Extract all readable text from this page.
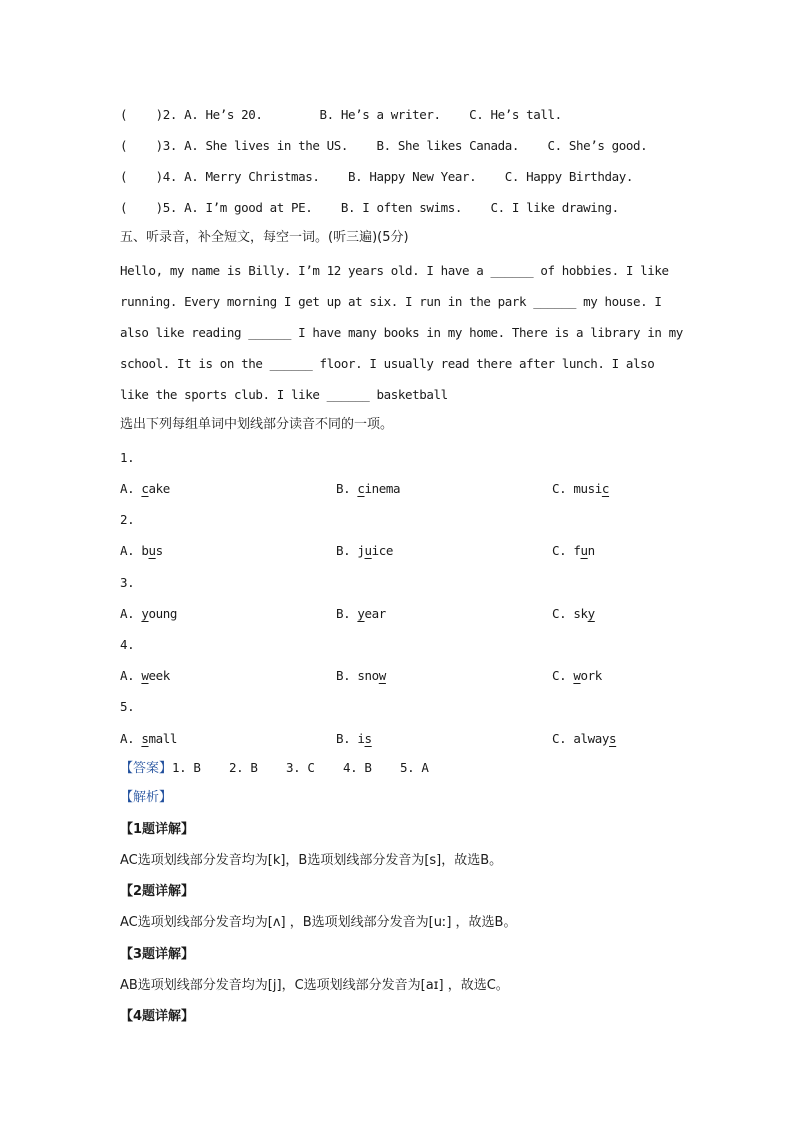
(    )2. A. He’s 20.        B. He’s a writer.    C. He’s tall.
(    )3. A. She lives in the US.    B. She likes Canada.    C. She’s good.
(    )4. A. Merry Christmas.    B. Happy New Year.    C. Happy Birthday.
(    )5. A. I’m good at PE.    B. I often swims.    C. I like drawing.
五、听录音，补全短文，每空一词。(听三遍)(5分)
Hello, my name is Billy. I’m 12 years old. I have a ______ of hobbies. I like
running. Every morning I get up at six. I run in the park ______ my house. I
also like reading ______ I have many books in my home. There is a library in my
school. It is on the ______ floor. I usually read there after lunch. I also
like the sports club. I like ______ basketball
选出下列每组单词中划线部分读音不同的一项。
1.
A. cake	B. cinema	C. music
2.
A. bus	B. juice	C. fun
3.
A. young	B. year	C. sky
4.
A. week	B. snow	C. work
5.
A. small	B. is	C. always
【答案】1. B    2. B    3. C    4. B    5. A
【解析】
【1题详解】
AC选项划线部分发音均为[k]，B选项划线部分发音为[s]，故选B。
【2题详解】
AC选项划线部分发音均为[ʌ] ，B选项划线部分发音为[uː] ，故选B。
【3题详解】
AB选项划线部分发音均为[j]，C选项划线部分发音为[aɪ] ，故选C。
【4题详解】
